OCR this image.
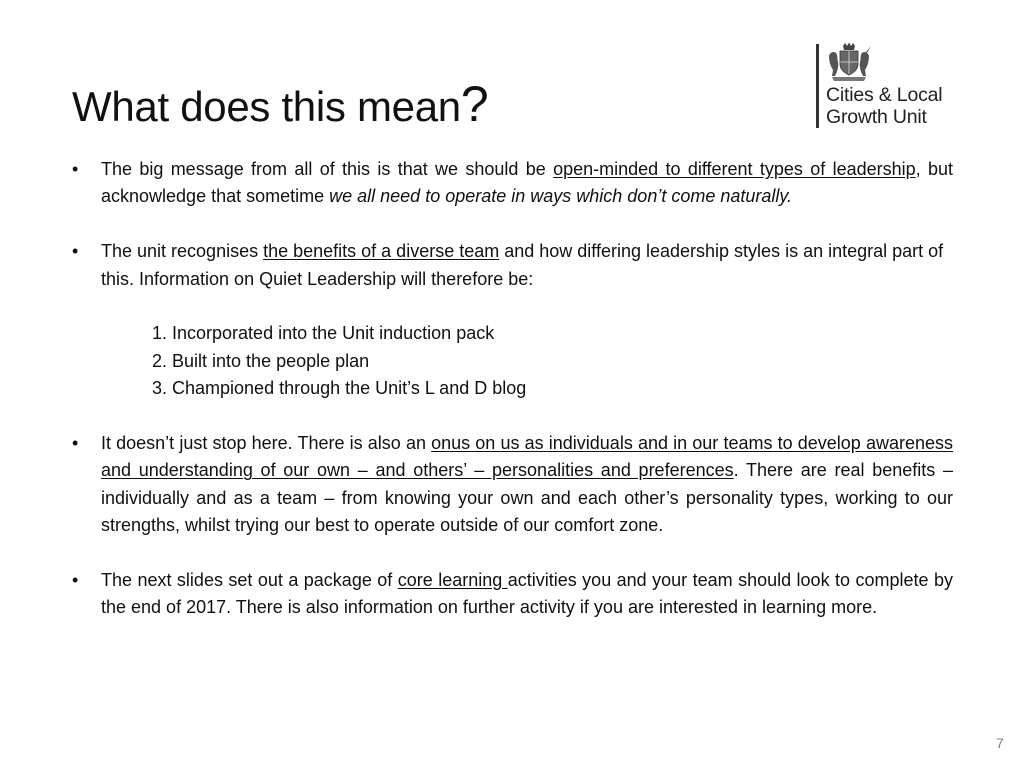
What does this mean?	Cities & Local
Growth Unit
•	The big message from all of this is that we should be open-minded to different types of leadership, but acknowledge that sometime we all need to operate in ways which don’t come naturally.
•	The unit recognises the benefits of a diverse team and how differing leadership styles is an integral part of this. Information on Quiet Leadership will therefore be:
1. Incorporated into the Unit induction pack
2. Built into the people plan
3. Championed through the Unit’s L and D blog
•	It doesn’t just stop here. There is also an onus on us as individuals and in our teams to develop awareness and understanding of our own – and others’ – personalities and preferences. There are real benefits – individually and as a team – from knowing your own and each other’s personality types, working to our strengths, whilst trying our best to operate outside of our comfort zone.
•	The next slides set out a package of core learning activities you and your team should look to complete by the end of 2017. There is also information on further activity if you are interested in learning more.
7
